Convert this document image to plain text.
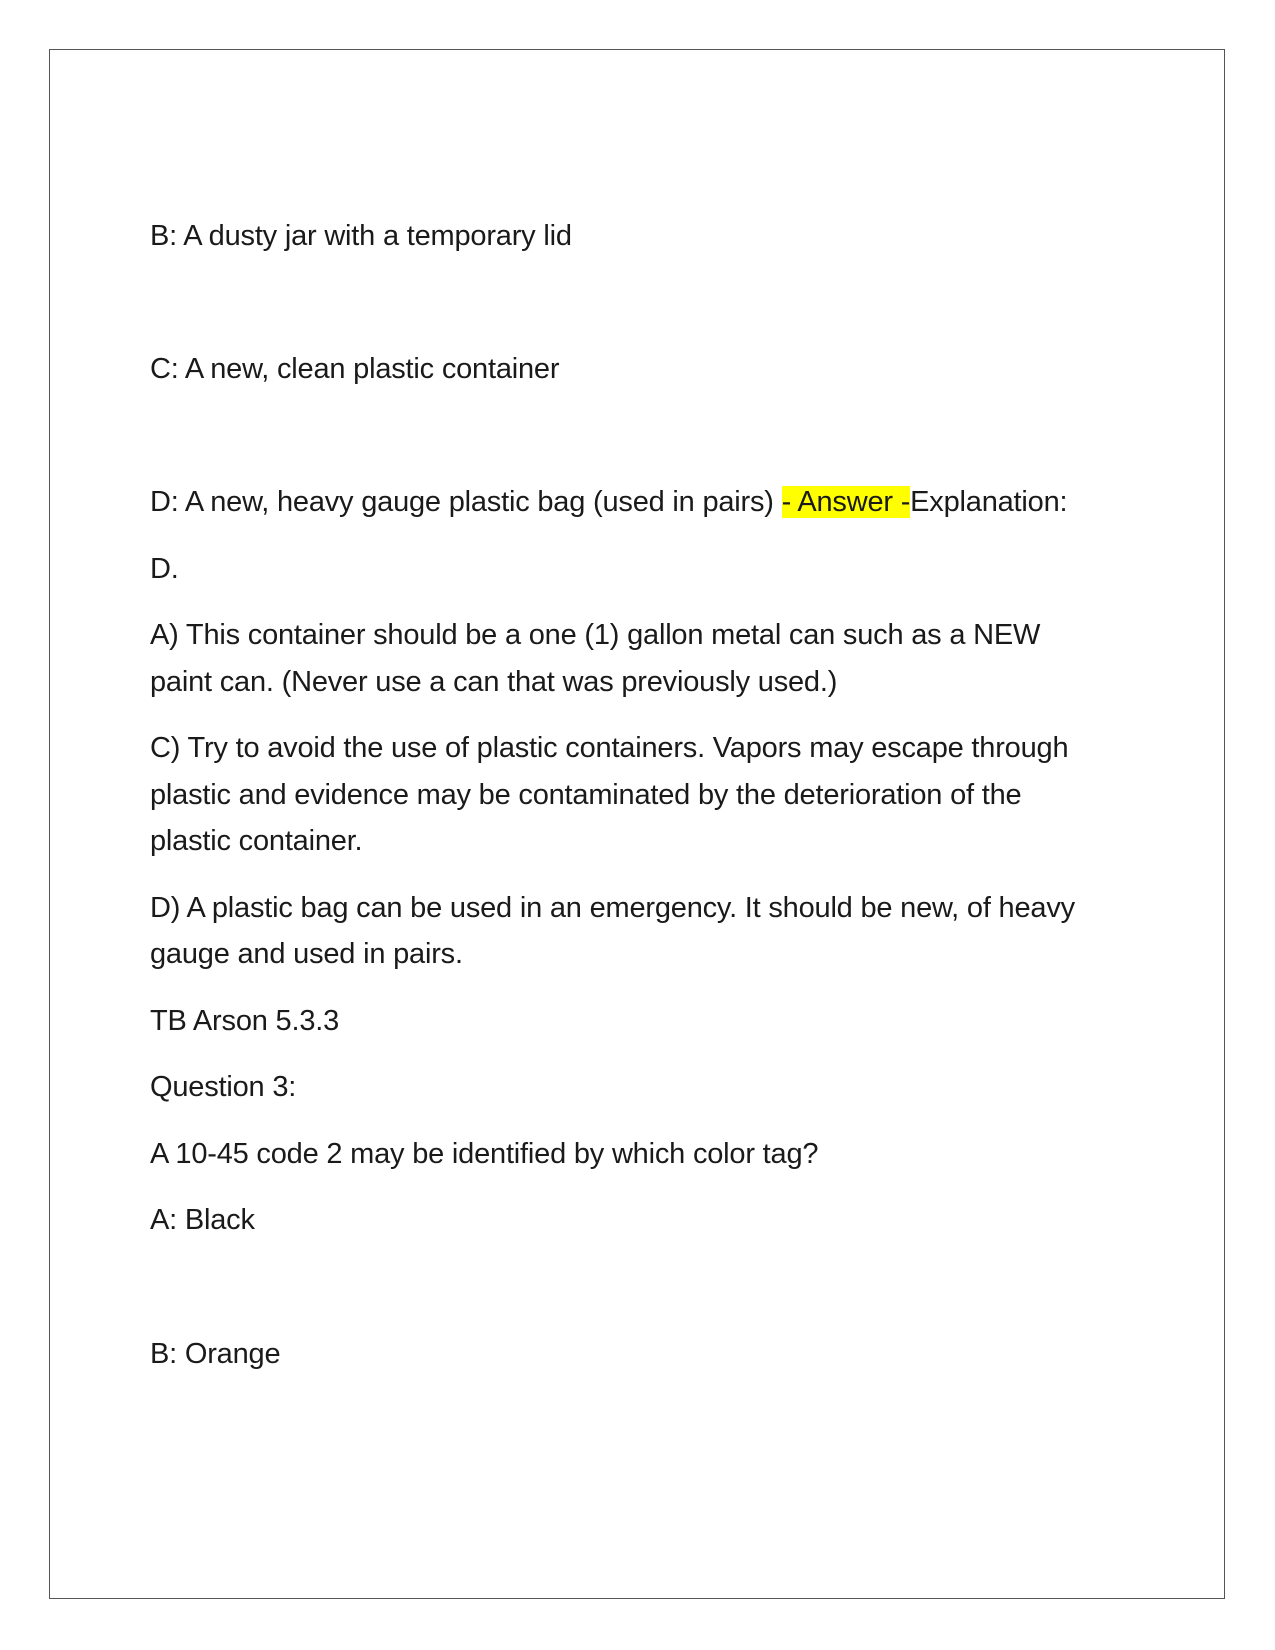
B: A dusty jar with a temporary lid
C: A new, clean plastic container
D: A new, heavy gauge plastic bag (used in pairs) - Answer -Explanation:
D.
A) This container should be a one (1) gallon metal can such as a NEW
paint can. (Never use a can that was previously used.)
C) Try to avoid the use of plastic containers. Vapors may escape through
plastic and evidence may be contaminated by the deterioration of the
plastic container.
D) A plastic bag can be used in an emergency. It should be new, of heavy
gauge and used in pairs.
TB Arson 5.3.3
Question 3:
A 10-45 code 2 may be identified by which color tag?
A: Black
B: Orange
